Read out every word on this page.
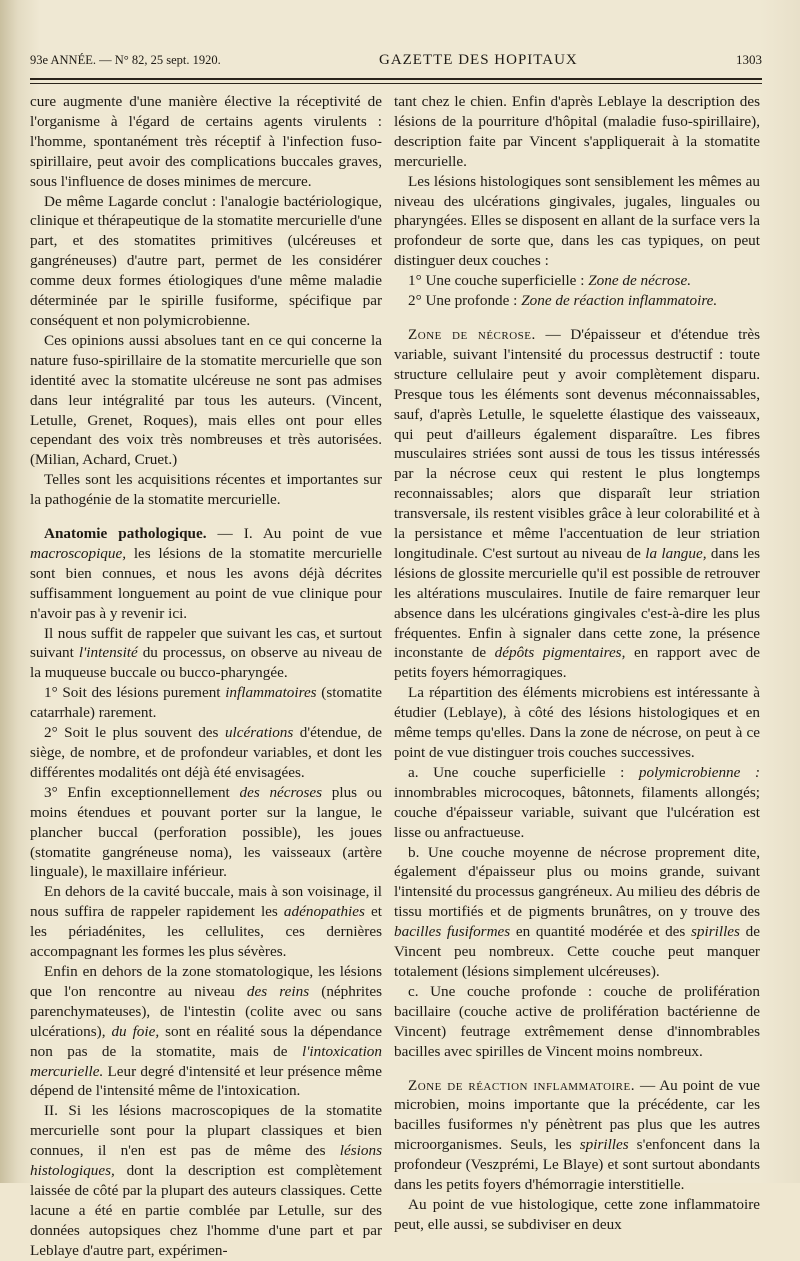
93e ANNÉE. — N° 82, 25 sept. 1920.	GAZETTE DES HOPITAUX	1303

cure augmente d'une manière élective la réceptivité de l'organisme à l'égard de certains agents virulents : l'homme, spontanément très réceptif à l'infection fuso-spirillaire, peut avoir des complications buccales graves, sous l'influence de doses minimes de mercure.

De même Lagarde conclut : l'analogie bactériologique, clinique et thérapeutique de la stomatite mercurielle d'une part, et des stomatites primitives (ulcéreuses et gangréneuses) d'autre part, permet de les considérer comme deux formes étiologiques d'une même maladie déterminée par le spirille fusiforme, spécifique par conséquent et non polymicrobienne.

Ces opinions aussi absolues tant en ce qui concerne la nature fuso-spirillaire de la stomatite mercurielle que son identité avec la stomatite ulcéreuse ne sont pas admises dans leur intégralité par tous les auteurs. (Vincent, Letulle, Grenet, Roques), mais elles ont pour elles cependant des voix très nombreuses et très autorisées. (Milian, Achard, Cruet.)

Telles sont les acquisitions récentes et importantes sur la pathogénie de la stomatite mercurielle.

Anatomie pathologique. — I. Au point de vue macroscopique, les lésions de la stomatite mercurielle sont bien connues, et nous les avons déjà décrites suffisamment longuement au point de vue clinique pour n'avoir pas à y revenir ici.

Il nous suffit de rappeler que suivant les cas, et surtout suivant l'intensité du processus, on observe au niveau de la muqueuse buccale ou bucco-pharyngée.

1° Soit des lésions purement inflammatoires (stomatite catarrhale) rarement.

2° Soit le plus souvent des ulcérations d'étendue, de siège, de nombre, et de profondeur variables, et dont les différentes modalités ont déjà été envisagées.

3° Enfin exceptionnellement des nécroses plus ou moins étendues et pouvant porter sur la langue, le plancher buccal (perforation possible), les joues (stomatite gangréneuse noma), les vaisseaux (artère linguale), le maxillaire inférieur.

En dehors de la cavité buccale, mais à son voisinage, il nous suffira de rappeler rapidement les adénopathies et les périadénites, les cellulites, ces dernières accompagnant les formes les plus sévères.

Enfin en dehors de la zone stomatologique, les lésions que l'on rencontre au niveau des reins (néphrites parenchymateuses), de l'intestin (colite avec ou sans ulcérations), du foie, sont en réalité sous la dépendance non pas de la stomatite, mais de l'intoxication mercurielle. Leur degré d'intensité et leur présence même dépend de l'intensité même de l'intoxication.

II. Si les lésions macroscopiques de la stomatite mercurielle sont pour la plupart classiques et bien connues, il n'en est pas de même des lésions histologiques, dont la description est complètement laissée de côté par la plupart des auteurs classiques. Cette lacune a été en partie comblée par Letulle, sur des données autopsiques chez l'homme d'une part et par Leblaye d'autre part, expérimen-

tant chez le chien. Enfin d'après Leblaye la description des lésions de la pourriture d'hôpital (maladie fuso-spirillaire), description faite par Vincent s'appliquerait à la stomatite mercurielle.

Les lésions histologiques sont sensiblement les mêmes au niveau des ulcérations gingivales, jugales, linguales ou pharyngées. Elles se disposent en allant de la surface vers la profondeur de sorte que, dans les cas typiques, on peut distinguer deux couches :

1° Une couche superficielle : Zone de nécrose.

2° Une profonde : Zone de réaction inflammatoire.

Zone de nécrose. — D'épaisseur et d'étendue très variable, suivant l'intensité du processus destructif : toute structure cellulaire peut y avoir complètement disparu. Presque tous les éléments sont devenus méconnaissables, sauf, d'après Letulle, le squelette élastique des vaisseaux, qui peut d'ailleurs également disparaître. Les fibres musculaires striées sont aussi de tous les tissus intéressés par la nécrose ceux qui restent le plus longtemps reconnaissables; alors que disparaît leur striation transversale, ils restent visibles grâce à leur colorabilité et à la persistance et même l'accentuation de leur striation longitudinale. C'est surtout au niveau de la langue, dans les lésions de glossite mercurielle qu'il est possible de retrouver les altérations musculaires. Inutile de faire remarquer leur absence dans les ulcérations gingivales c'est-à-dire les plus fréquentes. Enfin à signaler dans cette zone, la présence inconstante de dépôts pigmentaires, en rapport avec de petits foyers hémorragiques.

La répartition des éléments microbiens est intéressante à étudier (Leblaye), à côté des lésions histologiques et en même temps qu'elles. Dans la zone de nécrose, on peut à ce point de vue distinguer trois couches successives.

a. Une couche superficielle : polymicrobienne : innombrables microcoques, bâtonnets, filaments allongés; couche d'épaisseur variable, suivant que l'ulcération est lisse ou anfractueuse.

b. Une couche moyenne de nécrose proprement dite, également d'épaisseur plus ou moins grande, suivant l'intensité du processus gangréneux. Au milieu des débris de tissu mortifiés et de pigments brunâtres, on y trouve des bacilles fusiformes en quantité modérée et des spirilles de Vincent peu nombreux. Cette couche peut manquer totalement (lésions simplement ulcéreuses).

c. Une couche profonde : couche de prolifération bacillaire (couche active de prolifération bactérienne de Vincent) feutrage extrêmement dense d'innombrables bacilles avec spirilles de Vincent moins nombreux.

Zone de réaction inflammatoire. — Au point de vue microbien, moins importante que la précédente, car les bacilles fusiformes n'y pénètrent pas plus que les autres microorganismes. Seuls, les spirilles s'enfoncent dans la profondeur (Veszprémi, Le Blaye) et sont surtout abondants dans les petits foyers d'hémorragie interstitielle.

Au point de vue histologique, cette zone inflammatoire peut, elle aussi, se subdiviser en deux
